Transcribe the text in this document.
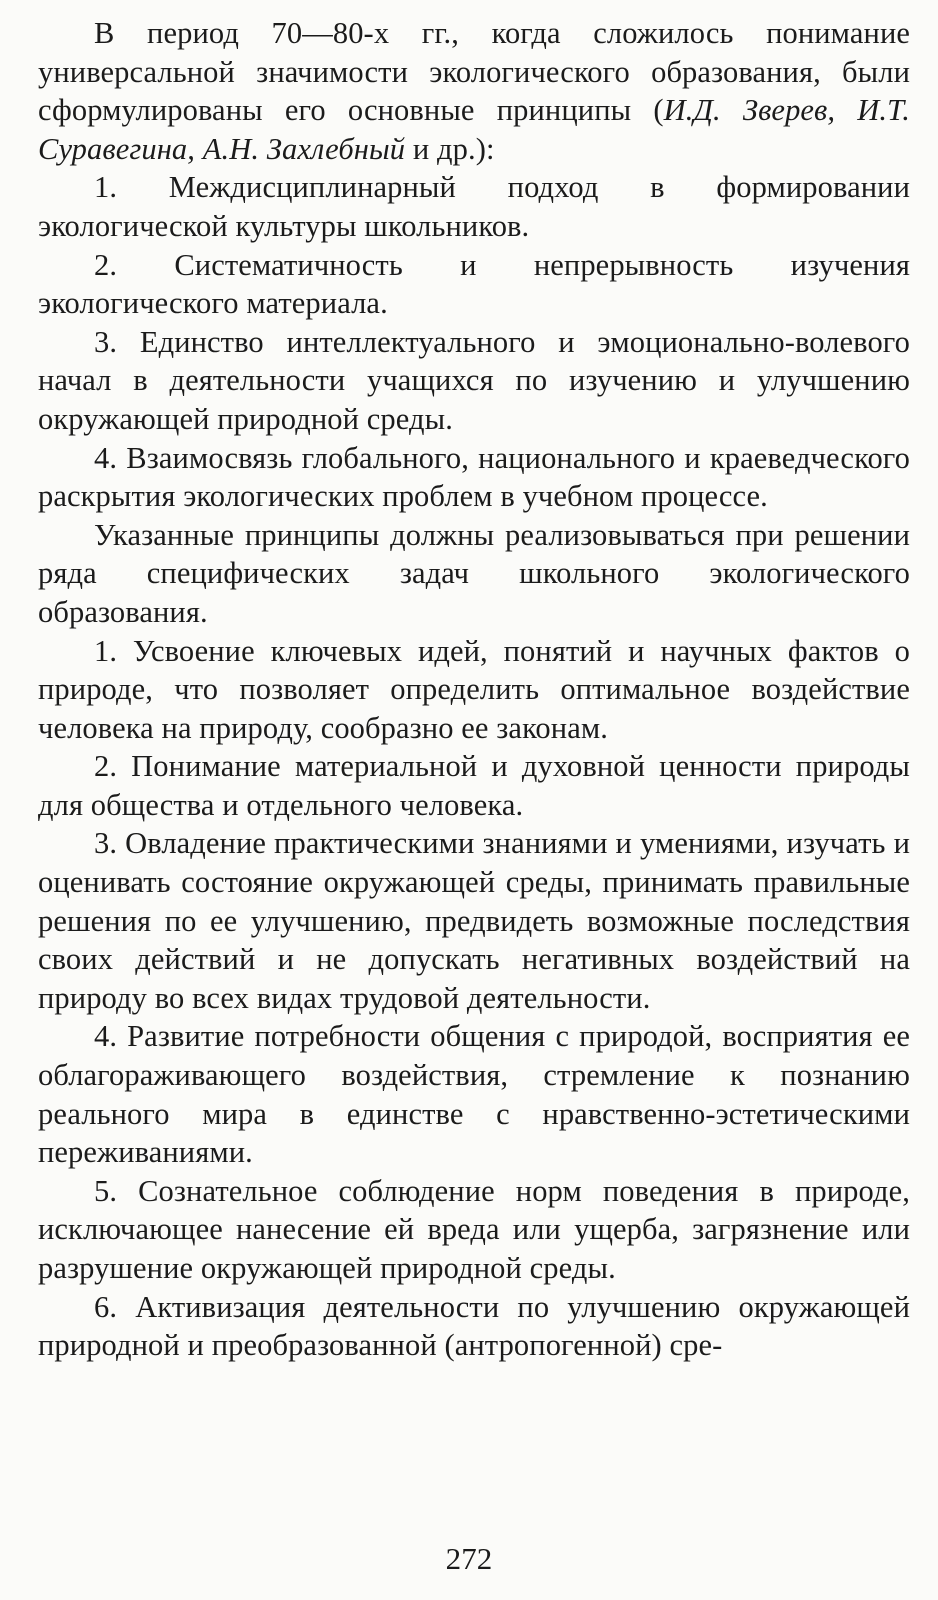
В период 70—80-х гг., когда сложилось понимание универсальной значимости экологического образования, были сформулированы его основные принципы (И.Д. Зверев, И.Т. Суравегина, А.Н. Захлебный и др.):

1. Междисциплинарный подход в формировании экологической культуры школьников.

2. Систематичность и непрерывность изучения экологического материала.

3. Единство интеллектуального и эмоционально-волевого начал в деятельности учащихся по изучению и улучшению окружающей природной среды.

4. Взаимосвязь глобального, национального и краеведческого раскрытия экологических проблем в учебном процессе.

Указанные принципы должны реализовываться при решении ряда специфических задач школьного экологического образования.

1. Усвоение ключевых идей, понятий и научных фактов о природе, что позволяет определить оптимальное воздействие человека на природу, сообразно ее законам.

2. Понимание материальной и духовной ценности природы для общества и отдельного человека.

3. Овладение практическими знаниями и умениями, изучать и оценивать состояние окружающей среды, принимать правильные решения по ее улучшению, предвидеть возможные последствия своих действий и не допускать негативных воздействий на природу во всех видах трудовой деятельности.

4. Развитие потребности общения с природой, восприятия ее облагораживающего воздействия, стремление к познанию реального мира в единстве с нравственно-эстетическими переживаниями.

5. Сознательное соблюдение норм поведения в природе, исключающее нанесение ей вреда или ущерба, загрязнение или разрушение окружающей природной среды.

6. Активизация деятельности по улучшению окружающей природной и преобразованной (антропогенной) сре-

272
